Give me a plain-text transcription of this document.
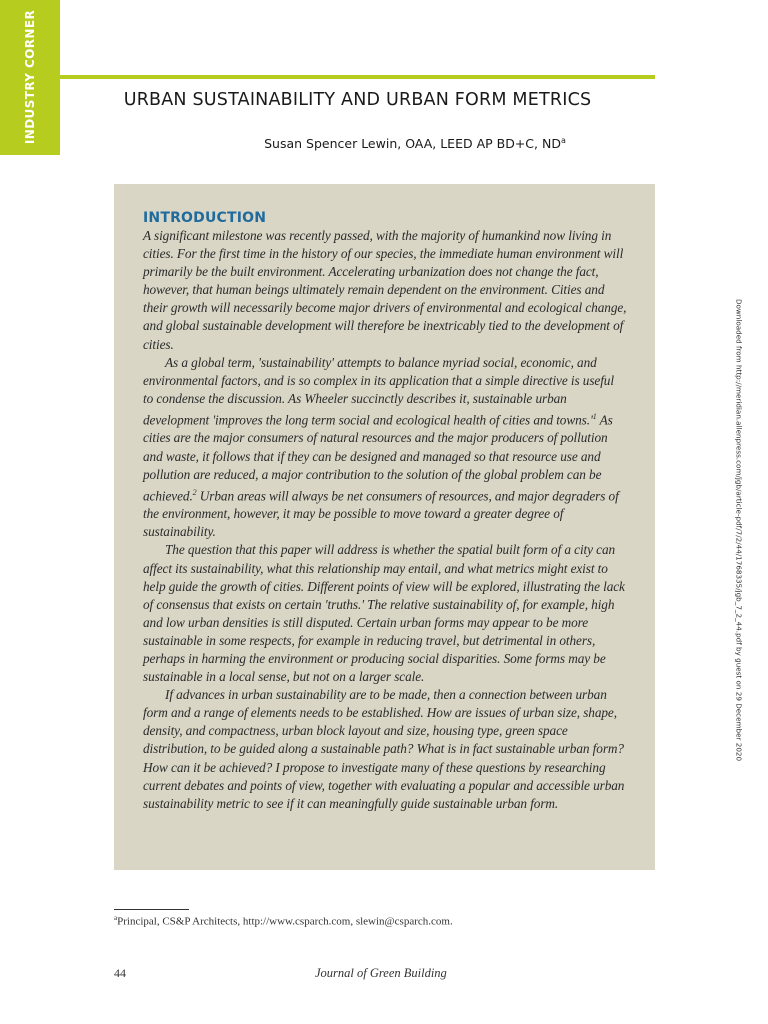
INDUSTRY CORNER	URBAN SUSTAINABILITY AND URBAN FORM METRICS

Susan Spencer Lewin, OAA, LEED AP BD+C, $ND^a$

INTRODUCTION

A significant milestone was recently passed, with the majority of humankind now living in cities. For the first time in the history of our species, the immediate human environment will primarily be the built environment. Accelerating urbanization does not change the fact, however, that human beings ultimately remain dependent on the environment. Cities and their growth will necessarily become major drivers of environmental and ecological change, and global sustainable development will therefore be inextricably tied to the development of cities.

As a global term, 'sustainability' attempts to balance myriad social, economic, and environmental factors, and is so complex in its application that a simple directive is useful to condense the discussion. As Wheeler succinctly describes it, sustainable urban development 'improves the long term social and ecological health of cities and $towns.'^1$ As cities are the major consumers of natural resources and the major producers of pollution and waste, it follows that if they can be designed and managed so that resource use and pollution are reduced, a major contribution to the solution of the global problem can be achieved.$^2$ Urban areas will always be net consumers of resources, and major degraders of the environment, however, it may be possible to move toward a greater degree of sustainability.

The question that this paper will address is whether the spatial built form of a city can affect its sustainability, what this relationship may entail, and what metrics might exist to help guide the growth of cities. Different points of view will be explored, illustrating the lack of consensus that exists on certain 'truths.' The relative sustainability of, for example, high and low urban densities is still disputed. Certain urban forms may appear to be more sustainable in some respects, for example in reducing travel, but detrimental in others, perhaps in harming the environment or producing social disparities. Some forms may be sustainable in a local sense, but not on a larger scale.

If advances in urban sustainability are to be made, then a connection between urban form and a range of elements needs to be established. How are issues of urban size, shape, density, and compactness, urban block layout and size, housing type, green space distribution, to be guided along a sustainable path? What is in fact sustainable urban form? How can it be achieved? I propose to investigate many of these questions by researching current debates and points of view, together with evaluating a popular and accessible urban sustainability metric to see if it can meaningfully guide sustainable urban form.

Downloaded from http://meridian.allenpress.com/jgb/article-pdf/7/2/44/1768335/jgb_7_2_44.pdf by guest on 29 December 2020
$^a$Principal, CS&P Architects, http://www.csparch.com, slewin@csparch.com.
44	Journal of Green Building
